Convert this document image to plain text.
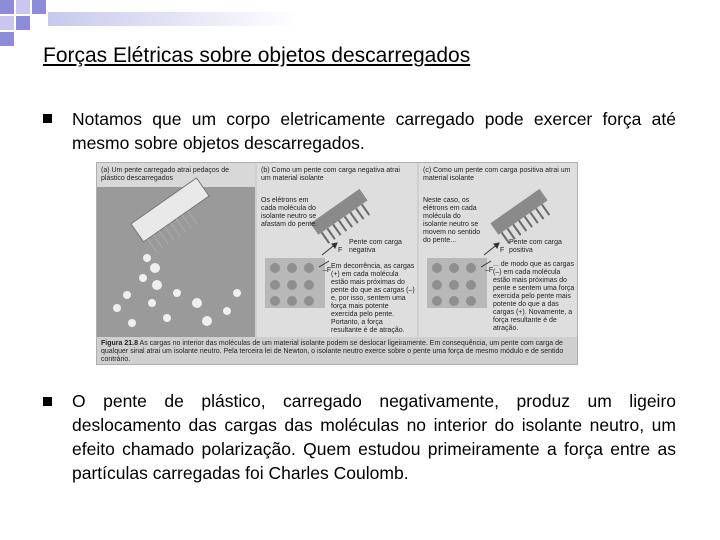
Forças Elétricas sobre objetos descarregados
Notamos que um corpo eletricamente carregado pode exercer força até mesmo sobre objetos descarregados.
(a) Um pente carregado atrai pedaços de plástico descarregados
(b) Como um pente com carga negativa atrai um material isolante
(c) Como um pente com carga positiva atrai um material isolante
Os elétrons em cada molécula do isolante neutro se afastam do pente.
Pente com carga negativa
F
–F
Em decorrência, as cargas (+) em cada molécula estão mais próximas do pente do que as cargas (–) e, por isso, sentem uma força mais potente exercida pelo pente. Portanto, a força resultante é de atração.
Neste caso, os elétrons em cada molécula do isolante neutro se movem no sentido do pente...	Pente com carga positiva
F
–F
... de modo que as cargas (–) em cada molécula estão mais próximas do pente e sentem uma força exercida pelo pente mais potente do que a das cargas (+). Novamente, a força resultante é de atração.
Figura 21.8 As cargas no interior das moléculas de um material isolante podem se deslocar ligeiramente. Em consequência, um pente com carga de qualquer sinal atrai um isolante neutro. Pela terceira lei de Newton, o isolante neutro exerce sobre o pente uma força de mesmo módulo e de sentido contrário.
O pente de plástico, carregado negativamente, produz um ligeiro deslocamento das cargas das moléculas no interior do isolante neutro, um efeito chamado polarização. Quem estudou primeiramente a força entre as partículas carregadas foi Charles Coulomb.
